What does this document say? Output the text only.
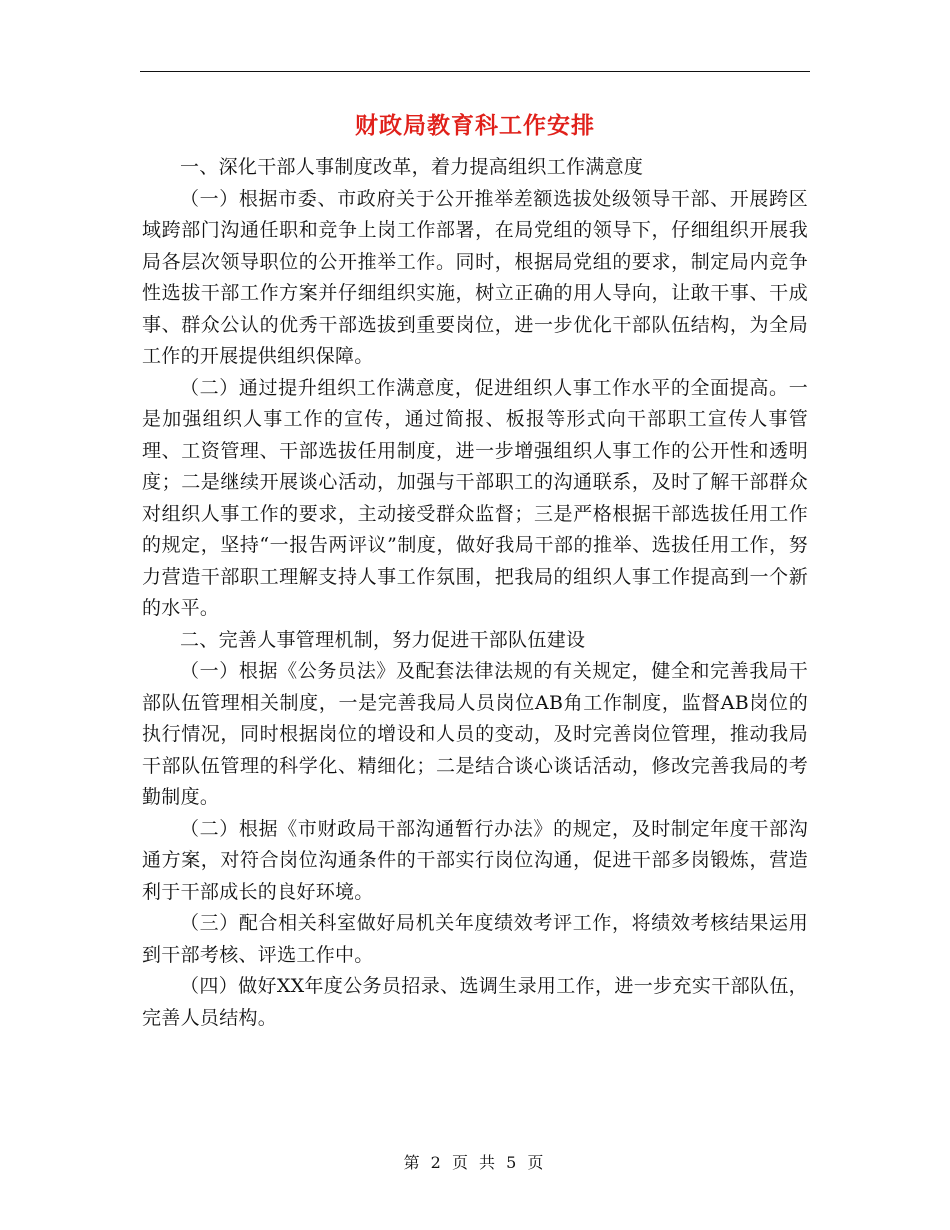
财政局教育科工作安排

一、深化干部人事制度改革，着力提高组织工作满意度

（一）根据市委、市政府关于公开推举差额选拔处级领导干部、开展跨区域跨部门沟通任职和竞争上岗工作部署，在局党组的领导下，仔细组织开展我局各层次领导职位的公开推举工作。同时，根据局党组的要求，制定局内竞争性选拔干部工作方案并仔细组织实施，树立正确的用人导向，让敢干事、干成事、群众公认的优秀干部选拔到重要岗位，进一步优化干部队伍结构，为全局工作的开展提供组织保障。

（二）通过提升组织工作满意度，促进组织人事工作水平的全面提高。一是加强组织人事工作的宣传，通过简报、板报等形式向干部职工宣传人事管理、工资管理、干部选拔任用制度，进一步增强组织人事工作的公开性和透明度；二是继续开展谈心活动，加强与干部职工的沟通联系，及时了解干部群众对组织人事工作的要求，主动接受群众监督；三是严格根据干部选拔任用工作的规定，坚持“一报告两评议”制度，做好我局干部的推举、选拔任用工作，努力营造干部职工理解支持人事工作氛围，把我局的组织人事工作提高到一个新的水平。

二、完善人事管理机制，努力促进干部队伍建设

（一）根据《公务员法》及配套法律法规的有关规定，健全和完善我局干部队伍管理相关制度，一是完善我局人员岗位AB角工作制度，监督AB岗位的执行情况，同时根据岗位的增设和人员的变动，及时完善岗位管理，推动我局干部队伍管理的科学化、精细化；二是结合谈心谈话活动，修改完善我局的考勤制度。

（二）根据《市财政局干部沟通暂行办法》的规定，及时制定年度干部沟通方案，对符合岗位沟通条件的干部实行岗位沟通，促进干部多岗锻炼，营造利于干部成长的良好环境。

（三）配合相关科室做好局机关年度绩效考评工作，将绩效考核结果运用到干部考核、评选工作中。

（四）做好XX年度公务员招录、选调生录用工作，进一步充实干部队伍，完善人员结构。

第 2 页 共 5 页
